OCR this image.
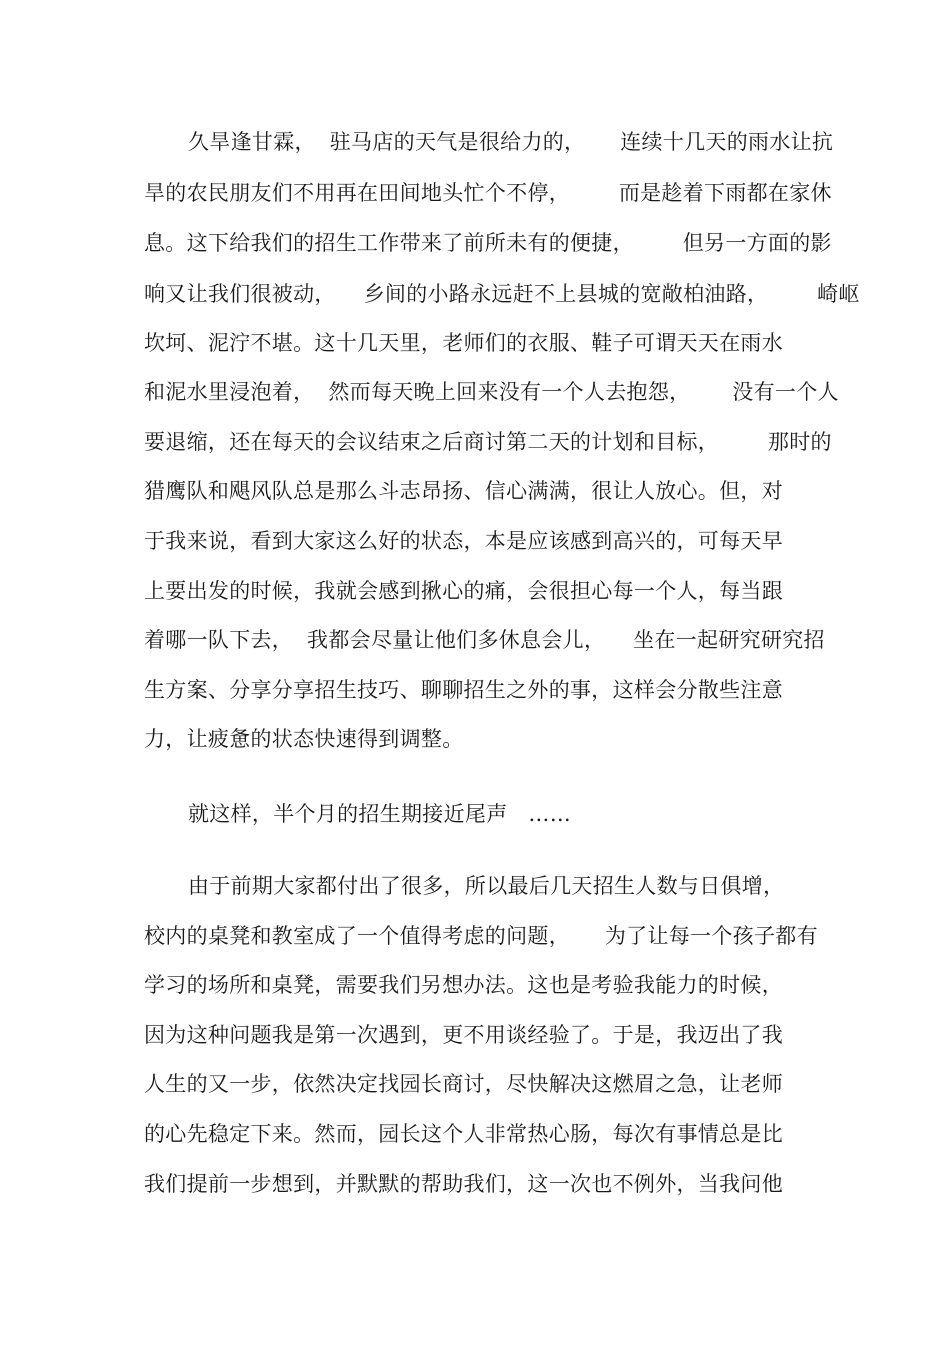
久旱逢甘霖，  驻马店的天气是很给力的，     连续十几天的雨水让抗

旱的农民朋友们不用再在田间地头忙个不停，       而是趁着下雨都在家休

息。这下给我们的招生工作带来了前所未有的便捷，       但另一方面的影

响又让我们很被动，    乡间的小路永远赶不上县城的宽敞柏油路，       崎岖

坎坷、泥泞不堪。这十几天里，老师们的衣服、鞋子可谓天天在雨水

和泥水里浸泡着，  然而每天晚上回来没有一个人去抱怨，      没有一个人

要退缩，还在每天的会议结束之后商讨第二天的计划和目标，       那时的

猎鹰队和飓风队总是那么斗志昂扬、信心满满，很让人放心。但，对

于我来说，看到大家这么好的状态，本是应该感到高兴的，可每天早

上要出发的时候，我就会感到揪心的痛，会很担心每一个人，每当跟

着哪一队下去，  我都会尽量让他们多休息会儿，    坐在一起研究研究招

生方案、分享分享招生技巧、聊聊招生之外的事，这样会分散些注意

力，让疲惫的状态快速得到调整。

就这样，半个月的招生期接近尾声   ……

由于前期大家都付出了很多，所以最后几天招生人数与日俱增，

校内的桌凳和教室成了一个值得考虑的问题，     为了让每一个孩子都有

学习的场所和桌凳，需要我们另想办法。这也是考验我能力的时候，

因为这种问题我是第一次遇到，更不用谈经验了。于是，我迈出了我

人生的又一步，依然决定找园长商讨，尽快解决这燃眉之急，让老师

的心先稳定下来。然而，园长这个人非常热心肠，每次有事情总是比

我们提前一步想到，并默默的帮助我们，这一次也不例外，当我问他
